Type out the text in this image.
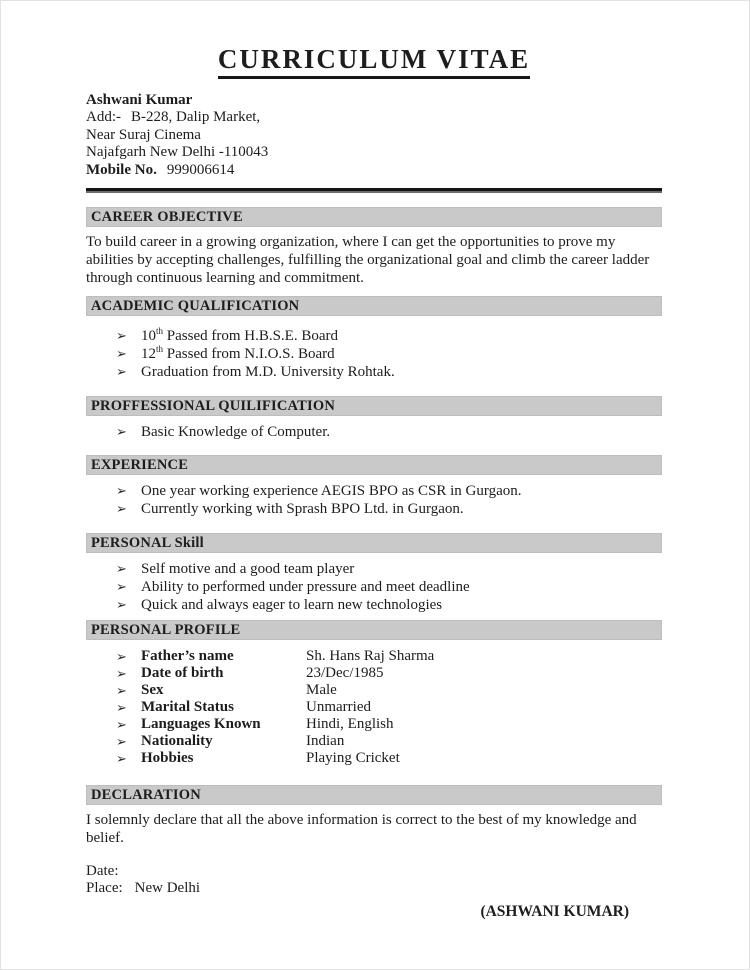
CURRICULUM VITAE
Ashwani Kumar
Add:- B-228, Dalip Market,
Near Suraj Cinema
Najafgarh New Delhi -110043
Mobile No. 999006614
CAREER OBJECTIVE
To build career in a growing organization, where I can get the opportunities to prove my abilities by accepting challenges, fulfilling the organizational goal and climb the career ladder through continuous learning and commitment.
ACADEMIC QUALIFICATION
➢ 10th Passed from H.B.S.E. Board
➢ 12th Passed from N.I.O.S. Board
➢ Graduation from M.D. University Rohtak.
PROFFESSIONAL QUILIFICATION
➢ Basic Knowledge of Computer.
EXPERIENCE
➢ One year working experience AEGIS BPO as CSR in Gurgaon.
➢ Currently working with Sprash BPO Ltd. in Gurgaon.
PERSONAL Skill
➢ Self motive and a good team player
➢ Ability to performed under pressure and meet deadline
➢ Quick and always eager to learn new technologies
PERSONAL PROFILE
➢ Father’s name	Sh. Hans Raj Sharma
➢ Date of birth	23/Dec/1985
➢ Sex	Male
➢ Marital Status	Unmarried
➢ Languages Known	Hindi, English
➢ Nationality	Indian
➢ Hobbies	Playing Cricket
DECLARATION
I solemnly declare that all the above information is correct to the best of my knowledge and belief.
Date:
Place: New Delhi
(ASHWANI KUMAR)
